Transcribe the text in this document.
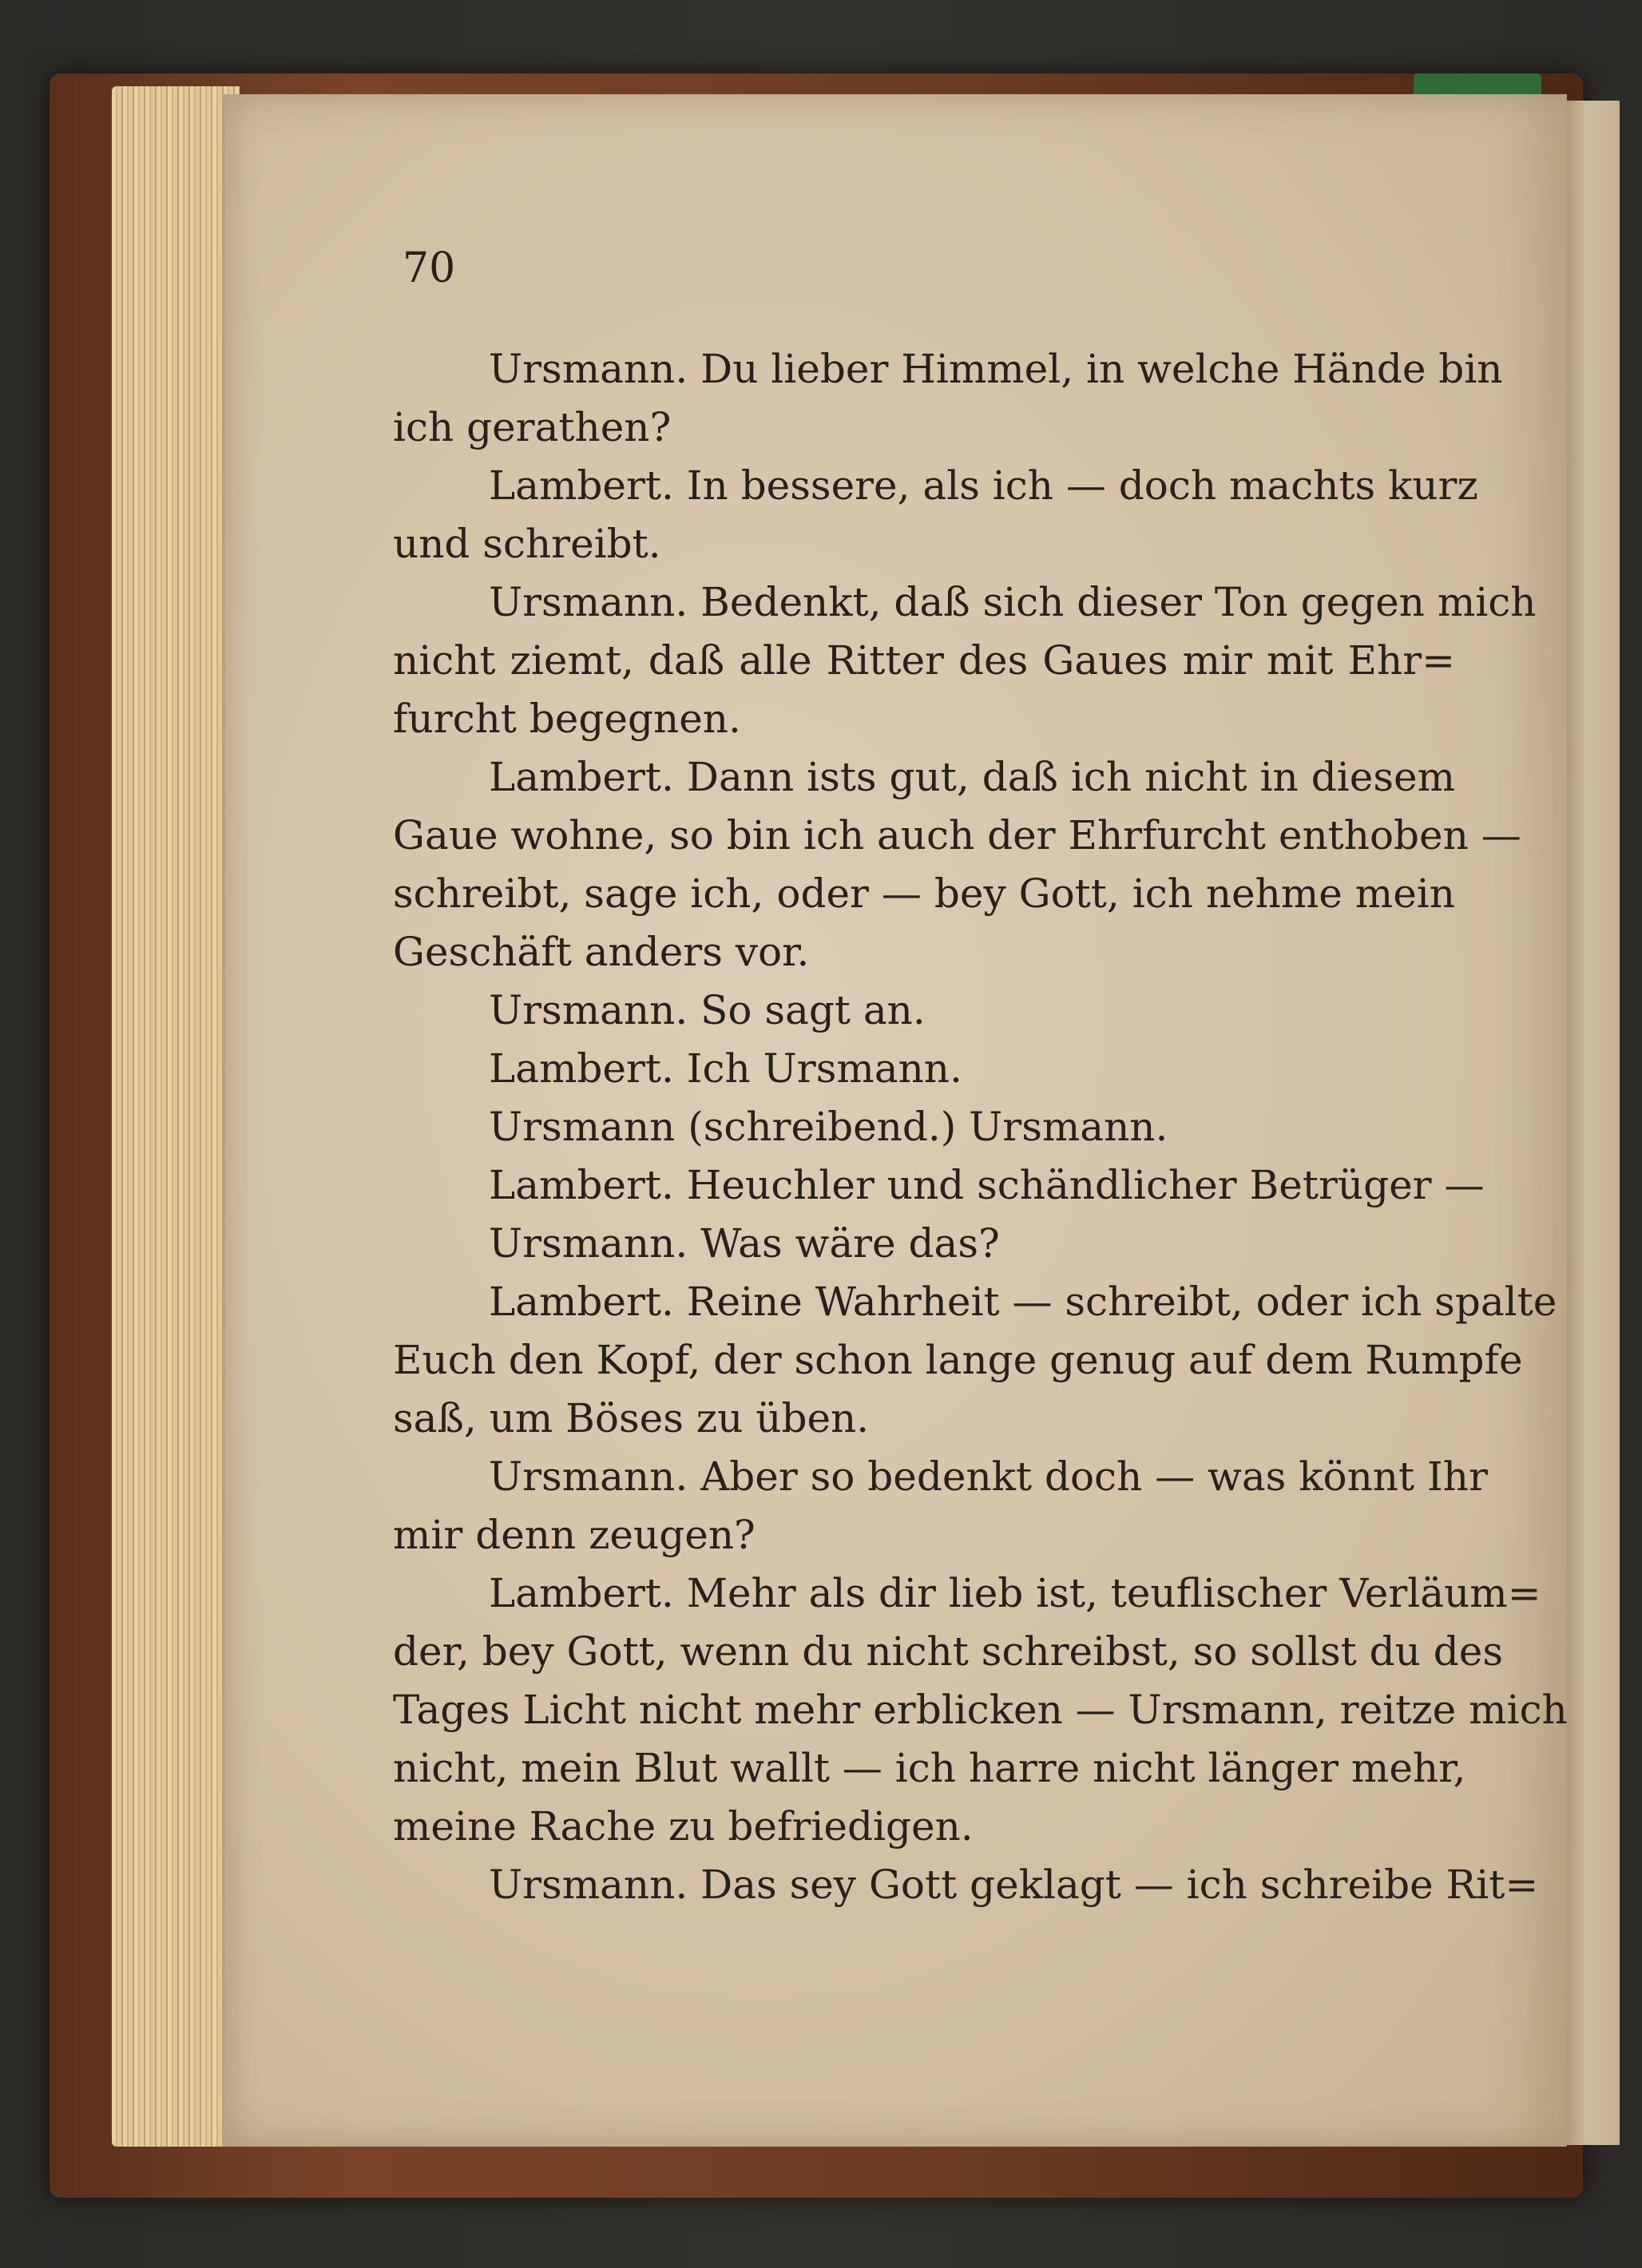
70
Ursmann. Du lieber Himmel, in welche Hände bin
ich gerathen?
Lambert. In bessere, als ich — doch machts kurz
und schreibt.
Ursmann. Bedenkt, daß sich dieser Ton gegen mich
nicht ziemt, daß alle Ritter des Gaues mir mit Ehr=
furcht begegnen.
Lambert. Dann ists gut, daß ich nicht in diesem
Gaue wohne, so bin ich auch der Ehrfurcht enthoben —
schreibt, sage ich, oder — bey Gott, ich nehme mein
Geschäft anders vor.
Ursmann. So sagt an.
Lambert. Ich Ursmann.
Ursmann (schreibend.) Ursmann.
Lambert. Heuchler und schändlicher Betrüger —
Ursmann. Was wäre das?
Lambert. Reine Wahrheit — schreibt, oder ich spalte
Euch den Kopf, der schon lange genug auf dem Rumpfe
saß, um Böses zu üben.
Ursmann. Aber so bedenkt doch — was könnt Ihr
mir denn zeugen?
Lambert. Mehr als dir lieb ist, teuflischer Verläum=
der, bey Gott, wenn du nicht schreibst, so sollst du des
Tages Licht nicht mehr erblicken — Ursmann, reitze mich
nicht, mein Blut wallt — ich harre nicht länger mehr,
meine Rache zu befriedigen.
Ursmann. Das sey Gott geklagt — ich schreibe Rit=
